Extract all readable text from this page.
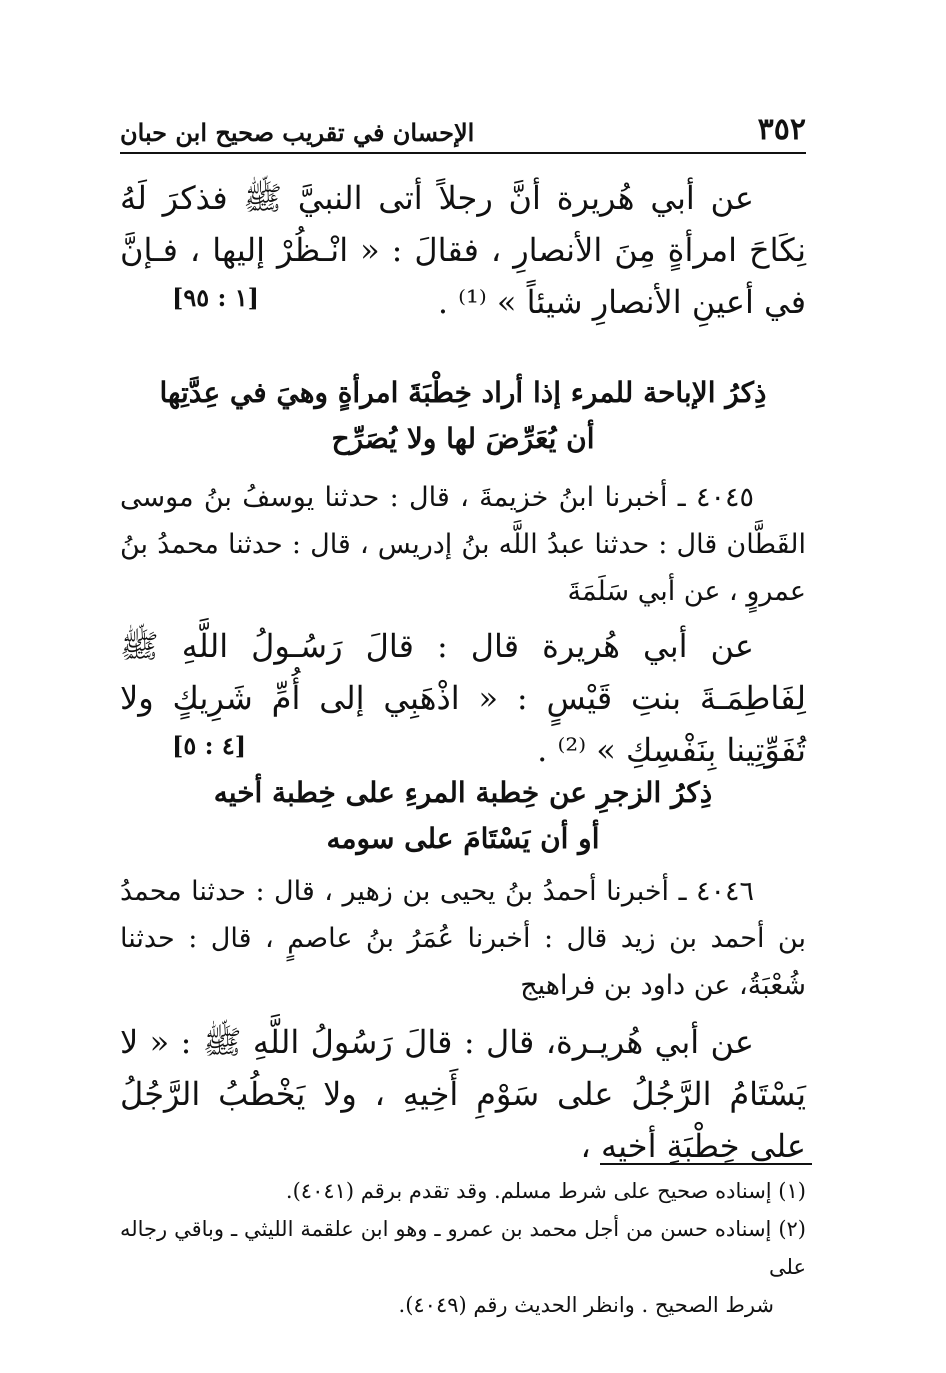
٣٥٢
الإحسان في تقريب صحيح ابن حبان
عن أبي هُريرة أنَّ رجلاً أتى النبيَّ ﷺ فذكرَ لَهُ نِكَاحَ امرأةٍ مِنَ الأنصارِ ، فقالَ : « انْـظُرْ إليها ، فـإنَّ في أعينِ الأنصارِ شيئاً » ⁽¹⁾ .
[١ : ٩٥]
ذِكرُ الإباحة للمرء إذا أراد خِطْبَةَ امرأةٍ وهيَ في عِدَّتِها
أن يُعَرِّضَ لها ولا يُصَرِّح
٤٠٤٥ ـ أخبرنا ابنُ خزيمةَ ، قال : حدثنا يوسفُ بنُ موسى القَطَّان قال : حدثنا عبدُ اللَّه بنُ إدريس ، قال : حدثنا محمدُ بنُ عمروٍ ، عن أبي سَلَمَةَ
عن أبي هُريرة قال : قالَ رَسُـولُ اللَّهِ ﷺ لِفَاطِمَـةَ بنتِ قَيْسٍ : « اذْهَبِي إلى أُمِّ شَرِيكٍ ولا تُفَوِّتِينا بِنَفْسِكِ » ⁽²⁾ .
[٤ : ٥]
ذِكرُ الزجرِ عن خِطبة المرءِ على خِطبة أخيه
أو أن يَسْتَامَ على سومه
٤٠٤٦ ـ أخبرنا أحمدُ بنُ يحيى بن زهير ، قال : حدثنا محمدُ بن أحمد بن زيد قال : أخبرنا عُمَرُ بنُ عاصمٍ ، قال : حدثنا شُعْبَةُ، عن داود بن فراهيج
عن أبي هُريـرة، قال : قالَ رَسُولُ اللَّهِ ﷺ : « لا يَسْتَامُ الرَّجُلُ على سَوْمِ أَخِيهِ ، ولا يَخْطُبُ الرَّجُلُ على خِطْبَةِ أخيه ،

(١) إسناده صحيح على شرط مسلم. وقد تقدم برقم (٤٠٤١).

(٢) إسناده حسن من أجل محمد بن عمرو ـ وهو ابن علقمة الليثي ـ وباقي رجاله على

شرط الصحيح . وانظر الحديث رقم (٤٠٤٩).
